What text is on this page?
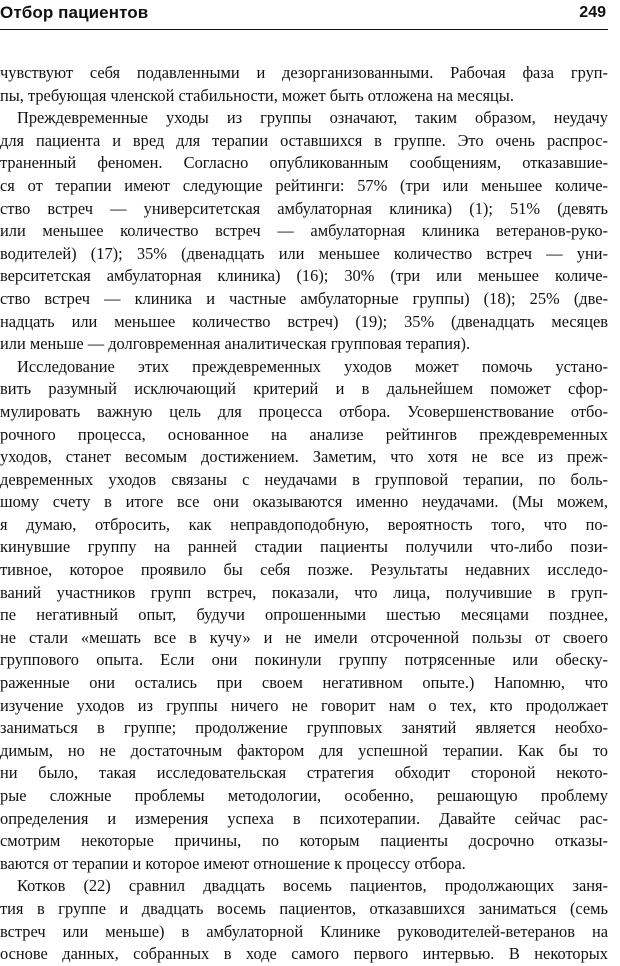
Отбор пациентов	249
чувствуют себя подавленными и дезорганизованными. Рабочая фаза груп-
пы, требующая членской стабильности, может быть отложена на месяцы.
Преждевременные уходы из группы означают, таким образом, неудачу
для пациента и вред для терапии оставшихся в группе. Это очень распрос-
траненный феномен. Согласно опубликованным сообщениям, отказавшие-
ся от терапии имеют следующие рейтинги: 57% (три или меньшее количе-
ство встреч — университетская амбулаторная клиника) (1); 51% (девять
или меньшее количество встреч — амбулаторная клиника ветеранов-руко-
водителей) (17); 35% (двенадцать или меньшее количество встреч — уни-
верситетская амбулаторная клиника) (16); 30% (три или меньшее количе-
ство встреч — клиника и частные амбулаторные группы) (18); 25% (две-
надцать или меньшее количество встреч) (19); 35% (двенадцать месяцев
или меньше — долговременная аналитическая групповая терапия).
Исследование этих преждевременных уходов может помочь устано-
вить разумный исключающий критерий и в дальнейшем поможет сфор-
мулировать важную цель для процесса отбора. Усовершенствование отбо-
рочного процесса, основанное на анализе рейтингов преждевременных
уходов, станет весомым достижением. Заметим, что хотя не все из преж-
девременных уходов связаны с неудачами в групповой терапии, по боль-
шому счету в итоге все они оказываются именно неудачами. (Мы можем,
я думаю, отбросить, как неправдоподобную, вероятность того, что по-
кинувшие группу на ранней стадии пациенты получили что-либо пози-
тивное, которое проявило бы себя позже. Результаты недавних исследо-
ваний участников групп встреч, показали, что лица, получившие в груп-
пе негативный опыт, будучи опрошенными шестью месяцами позднее,
не стали «мешать все в кучу» и не имели отсроченной пользы от своего
группового опыта. Если они покинули группу потрясенные или обеску-
раженные они остались при своем негативном опыте.) Напомню, что
изучение уходов из группы ничего не говорит нам о тех, кто продолжает
заниматься в группе; продолжение групповых занятий является необхо-
димым, но не достаточным фактором для успешной терапии. Как бы то
ни было, такая исследовательская стратегия обходит стороной некото-
рые сложные проблемы методологии, особенно, решающую проблему
определения и измерения успеха в психотерапии. Давайте сейчас рас-
смотрим некоторые причины, по которым пациенты досрочно отказы-
ваются от терапии и которое имеют отношение к процессу отбора.
Котков (22) сравнил двадцать восемь пациентов, продолжающих заня-
тия в группе и двадцать восемь пациентов, отказавшихся заниматься (семь
встреч или меньше) в амбулаторной Клинике руководителей-ветеранов на
основе данных, собранных в ходе самого первого интервью. В некоторых
